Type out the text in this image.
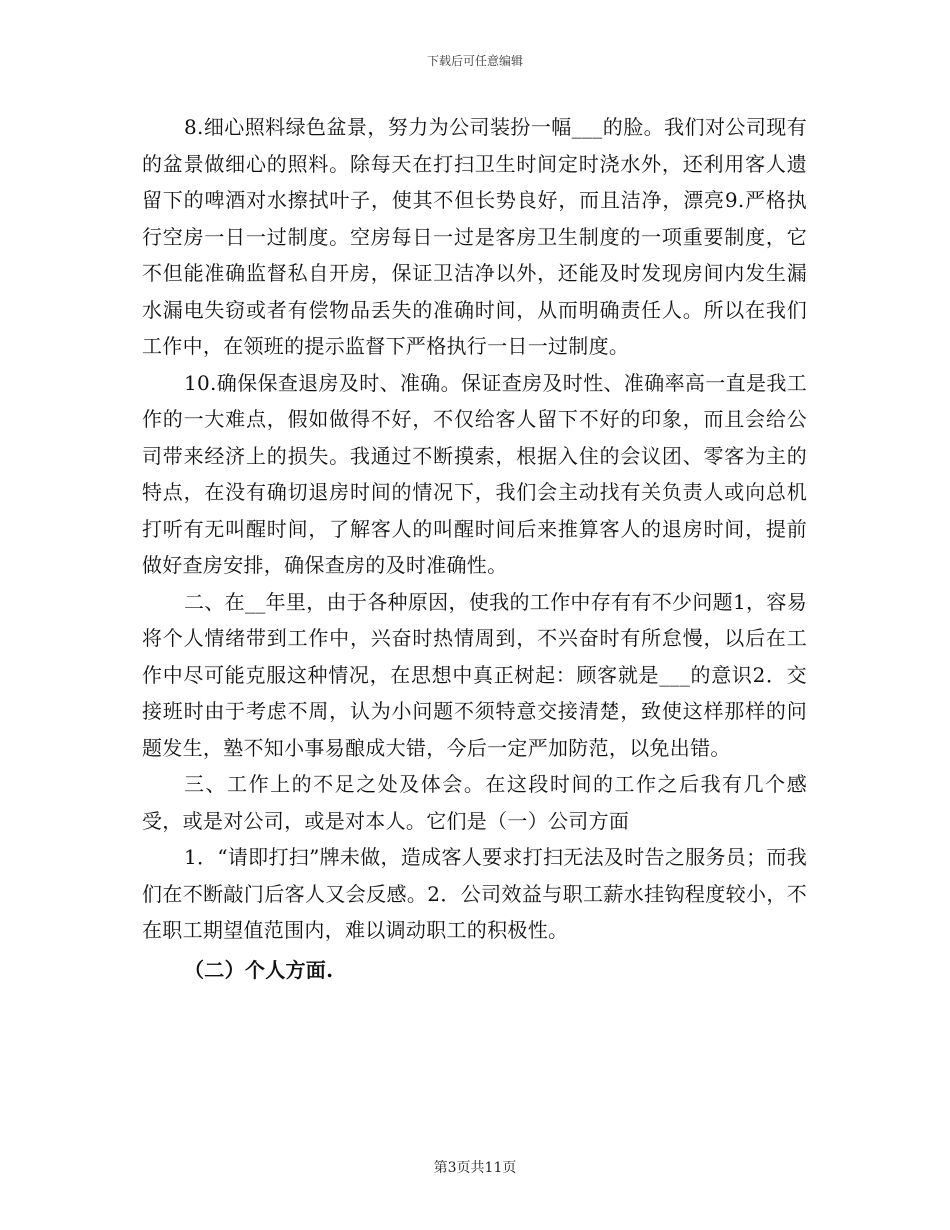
下载后可任意编辑

8.细心照料绿色盆景，努力为公司装扮一幅___的脸。我们对公司现有的盆景做细心的照料。除每天在打扫卫生时间定时浇水外，还利用客人遗留下的啤酒对水擦拭叶子，使其不但长势良好，而且洁净，漂亮9.严格执行空房一日一过制度。空房每日一过是客房卫生制度的一项重要制度，它不但能准确监督私自开房，保证卫洁净以外，还能及时发现房间内发生漏水漏电失窃或者有偿物品丢失的准确时间，从而明确责任人。所以在我们工作中，在领班的提示监督下严格执行一日一过制度。

10.确保保查退房及时、准确。保证查房及时性、准确率高一直是我工作的一大难点，假如做得不好，不仅给客人留下不好的印象，而且会给公司带来经济上的损失。我通过不断摸索，根据入住的会议团、零客为主的特点，在没有确切退房时间的情况下，我们会主动找有关负责人或向总机打听有无叫醒时间，了解客人的叫醒时间后来推算客人的退房时间，提前做好查房安排，确保查房的及时准确性。

二、在__年里，由于各种原因，使我的工作中存有有不少问题1，容易将个人情绪带到工作中，兴奋时热情周到，不兴奋时有所怠慢，以后在工作中尽可能克服这种情况，在思想中真正树起：顾客就是___的意识2．交接班时由于考虑不周，认为小问题不须特意交接清楚，致使这样那样的问题发生，塾不知小事易酿成大错，今后一定严加防范，以免出错。

三、工作上的不足之处及体会。在这段时间的工作之后我有几个感受，或是对公司，或是对本人。它们是（一）公司方面

1．“请即打扫”牌未做，造成客人要求打扫无法及时告之服务员；而我们在不断敲门后客人又会反感。2．公司效益与职工薪水挂钩程度较小，不在职工期望值范围内，难以调动职工的积极性。

（二）个人方面.

第3页共11页
